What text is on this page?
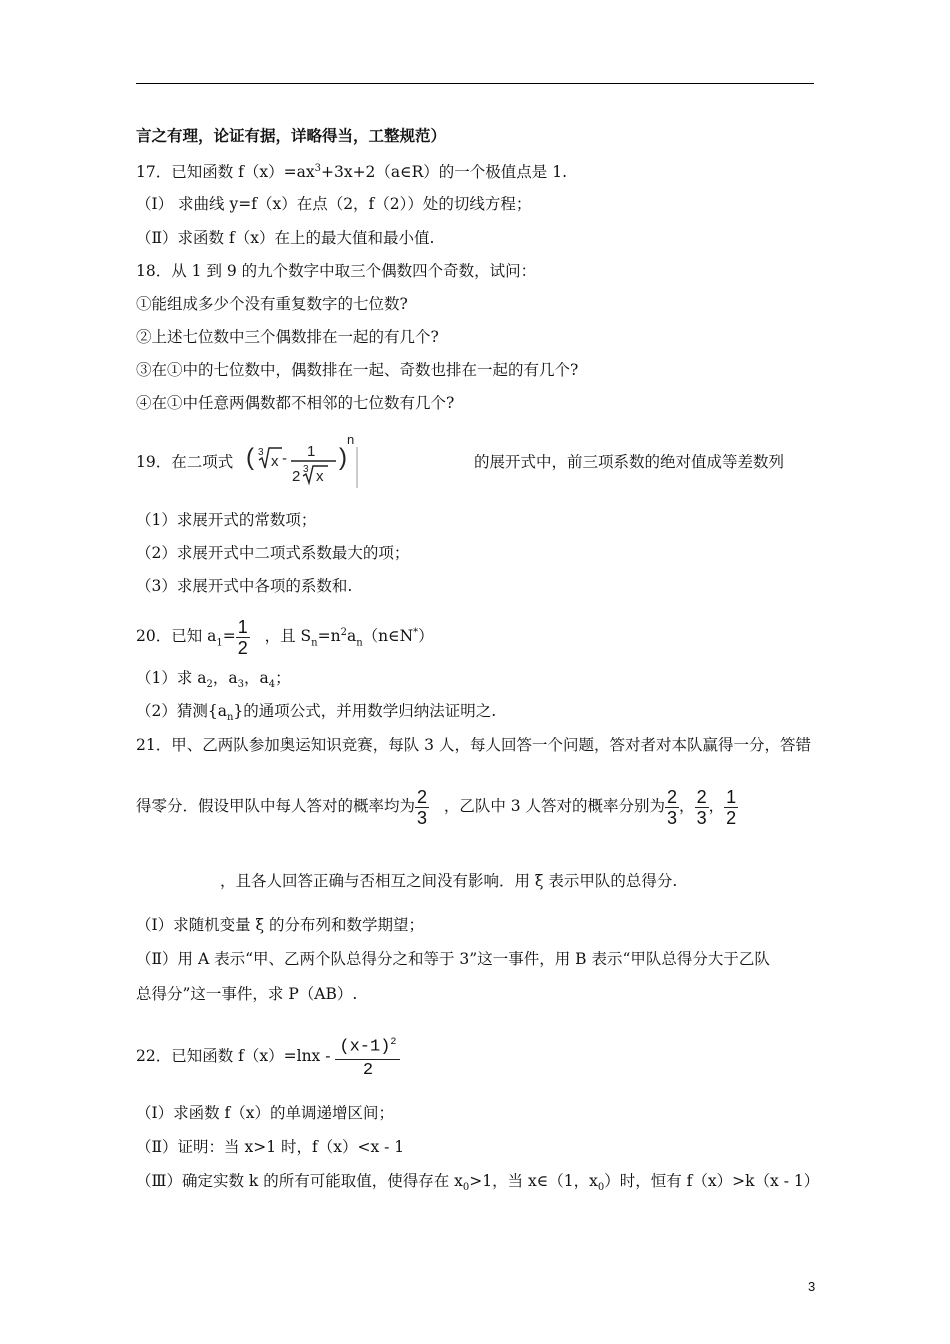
言之有理，论证有据，详略得当，工整规范）
17．已知函数 $f(x)=ax^3+3x+2(a\in R)$的一个极值点是 1.
（Ⅰ） 求曲线 y=f（x）在点（2，f（2））处的切线方程；
（Ⅱ）求函数 f（x）在上的最大值和最小值.
18．从 1 到 9 的九个数字中取三个偶数四个奇数，试问：
①能组成多少个没有重复数字的七位数?
②上述七位数中三个偶数排在一起的有几个?
③在①中的七位数中，偶数排在一起、奇数也排在一起的有几个?
④在①中任意两偶数都不相邻的七位数有几个?
19．在二项式 ( 3
x - 1
2 3 x
)
n
的展开式中，前三项系数的绝对值成等差数列
（1）求展开式的常数项；
（2）求展开式中二项式系数最大的项；
（3）求展开式中各项的系数和.
20．已知 $a_1= \frac{1}{2}$ ，且 $S_n=n^2a_n(n\in N^*)$
（1）求 $a_2$，$a_3$，$a_4$；
（2）猜测$\{a_n\}$的通项公式，并用数学归纳法证明之.
21．甲、乙两队参加奥运知识竞赛，每队 3 人，每人回答一个问题，答对者对本队赢得一分，答错
得零分．假设甲队中每人答对的概率均为 $\frac{2}{3}$ ，乙队中 3 人答对的概率分别为 $\frac{2}{3}$ ， $\frac{2}{3}$ ， $\frac{1}{2}$
，且各人回答正确与否相互之间没有影响．用 ξ 表示甲队的总得分.
（Ⅰ）求随机变量 ξ 的分布列和数学期望；
（Ⅱ）用 A 表示“甲、乙两个队总得分之和等于 3”这一事件，用 B 表示“甲队总得分大于乙队
总得分”这一事件，求 P（AB）.
22．已知函数 $f(x)=\ln x - \frac{(x-1)^2}{2}$
（Ⅰ）求函数 f（x）的单调递增区间；
（Ⅱ）证明：当 x>1 时，f（x）<x - 1
（Ⅲ）确定实数 k 的所有可能取值，使得存在 $x_0>1$，当 x∈（1，$x_0$）时，恒有 f（x）>k（x - 1）
3
